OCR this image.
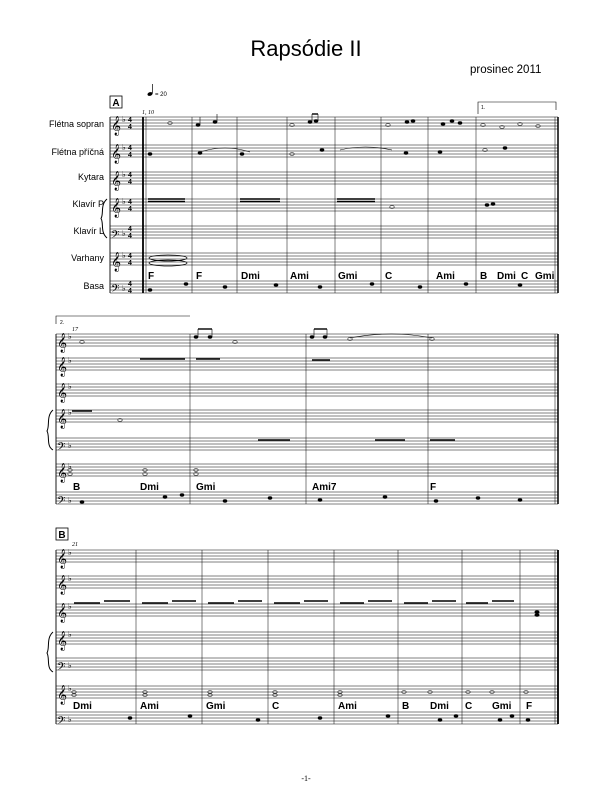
Rapsódie II
prosinec 2011
A
= 20
1, 10
1.
Flétna sopran
Flétna příčná
Kytara
Klavír P
Klavír L
Varhany
Basa
𝄞
𝄞
𝄞
𝄞
𝄢
𝄞
𝄢
♭
♭
♭
♭
♭
♭
♭
4
4
4
4
4
4
4
4
4
4
4
4
4
4
F	F	Dmi	Ami	Gmi	C	Ami	B Dmi C Gmi
2.
17
𝄞
𝄞
𝄞
𝄞
𝄢
𝄞
𝄢
♭
♭
♭
♭
♭
♭
♭
B	Dmi	Gmi	Ami7	F
B
21
𝄞
𝄞
𝄞
𝄞
𝄢
𝄞
𝄢
♭
♭
♭
♭
♭
♭
♭
Dmi	Ami	Gmi	C	Ami	B Dmi C Gmi F
-1-
